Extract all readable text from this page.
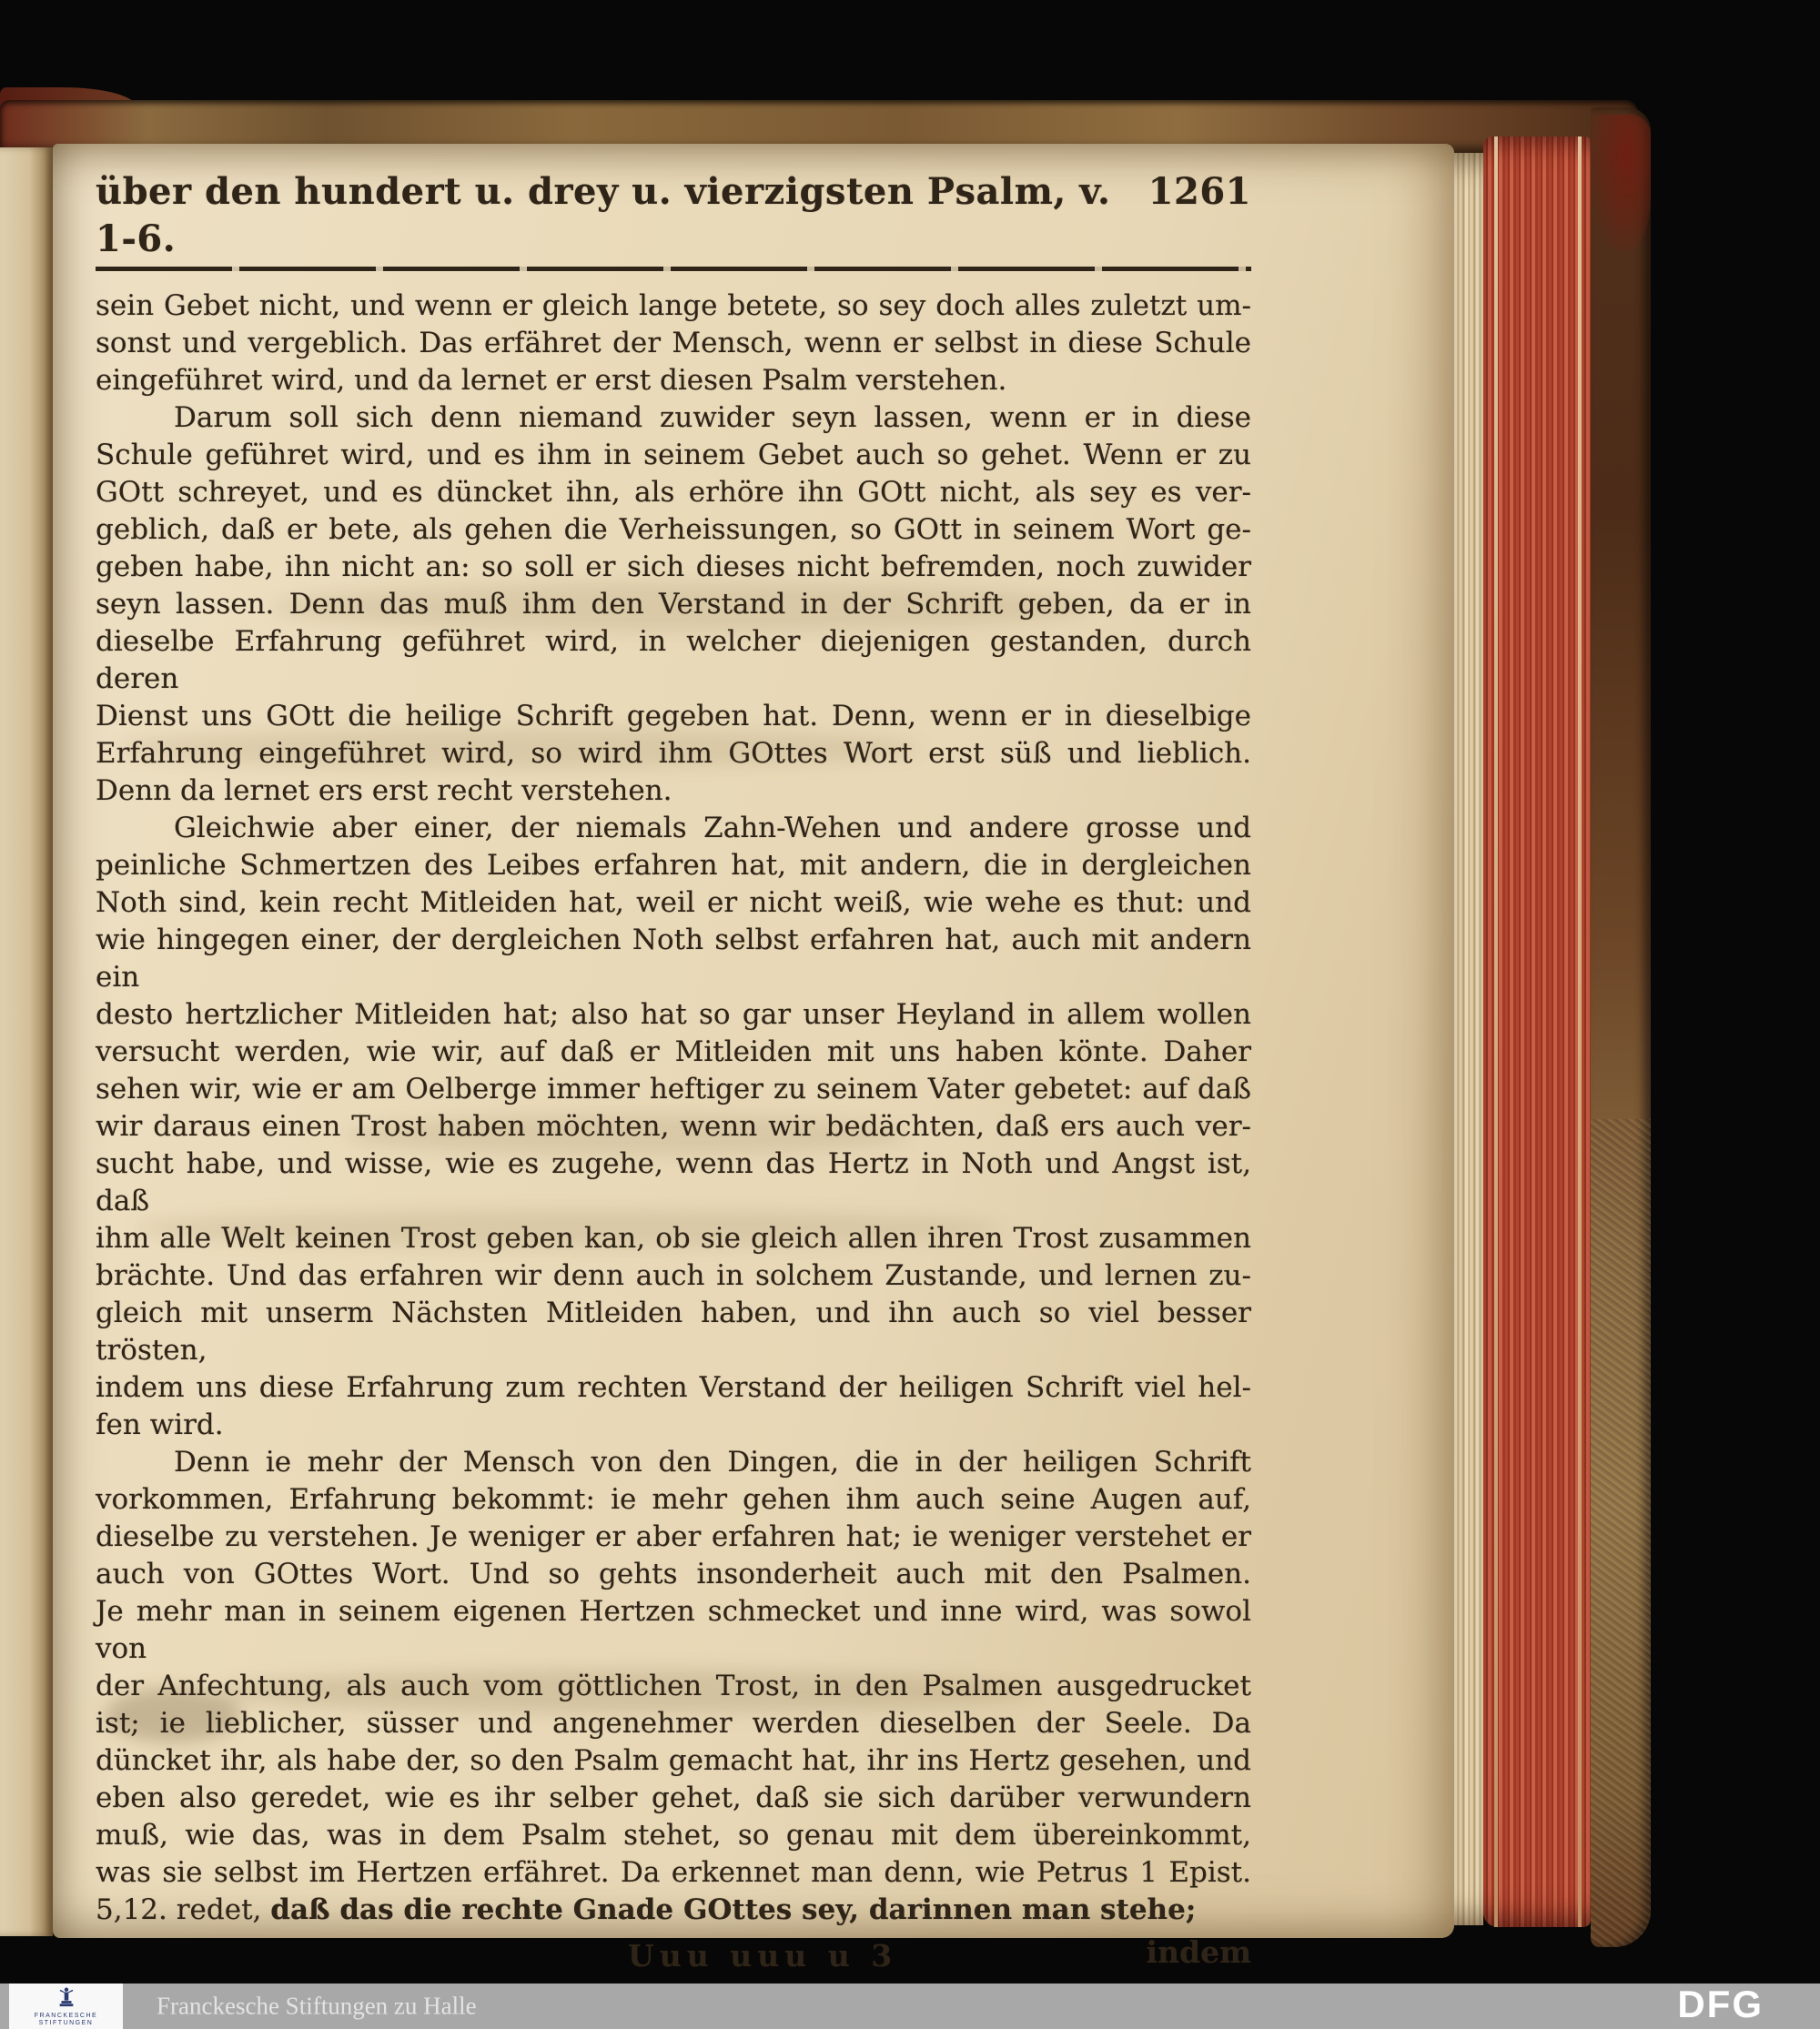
über den hundert u. drey u. vierzigsten Psalm, v. 1-6.
1261
sein Gebet nicht, und wenn er gleich lange betete, so sey doch alles zuletzt um-
sonst und vergeblich. Das erfähret der Mensch, wenn er selbst in diese Schule
eingeführet wird, und da lernet er erst diesen Psalm verstehen.
Darum soll sich denn niemand zuwider seyn lassen, wenn er in diese
Schule geführet wird, und es ihm in seinem Gebet auch so gehet. Wenn er zu
GOtt schreyet, und es düncket ihn, als erhöre ihn GOtt nicht, als sey es ver-
geblich, daß er bete, als gehen die Verheissungen, so GOtt in seinem Wort ge-
geben habe, ihn nicht an: so soll er sich dieses nicht befremden, noch zuwider
seyn lassen. Denn das muß ihm den Verstand in der Schrift geben, da er in
dieselbe Erfahrung geführet wird, in welcher diejenigen gestanden, durch deren
Dienst uns GOtt die heilige Schrift gegeben hat. Denn, wenn er in dieselbige
Erfahrung eingeführet wird, so wird ihm GOttes Wort erst süß und lieblich.
Denn da lernet ers erst recht verstehen.
Gleichwie aber einer, der niemals Zahn-Wehen und andere grosse und
peinliche Schmertzen des Leibes erfahren hat, mit andern, die in dergleichen
Noth sind, kein recht Mitleiden hat, weil er nicht weiß, wie wehe es thut: und
wie hingegen einer, der dergleichen Noth selbst erfahren hat, auch mit andern ein
desto hertzlicher Mitleiden hat; also hat so gar unser Heyland in allem wollen
versucht werden, wie wir, auf daß er Mitleiden mit uns haben könte. Daher
sehen wir, wie er am Oelberge immer heftiger zu seinem Vater gebetet: auf daß
wir daraus einen Trost haben möchten, wenn wir bedächten, daß ers auch ver-
sucht habe, und wisse, wie es zugehe, wenn das Hertz in Noth und Angst ist, daß
ihm alle Welt keinen Trost geben kan, ob sie gleich allen ihren Trost zusammen
brächte. Und das erfahren wir denn auch in solchem Zustande, und lernen zu-
gleich mit unserm Nächsten Mitleiden haben, und ihn auch so viel besser trösten,
indem uns diese Erfahrung zum rechten Verstand der heiligen Schrift viel hel-
fen wird.
Denn ie mehr der Mensch von den Dingen, die in der heiligen Schrift
vorkommen, Erfahrung bekommt: ie mehr gehen ihm auch seine Augen auf,
dieselbe zu verstehen. Je weniger er aber erfahren hat; ie weniger verstehet er
auch von GOttes Wort. Und so gehts insonderheit auch mit den Psalmen.
Je mehr man in seinem eigenen Hertzen schmecket und inne wird, was sowol von
der Anfechtung, als auch vom göttlichen Trost, in den Psalmen ausgedrucket
ist; ie lieblicher, süsser und angenehmer werden dieselben der Seele. Da
düncket ihr, als habe der, so den Psalm gemacht hat, ihr ins Hertz gesehen, und
eben also geredet, wie es ihr selber gehet, daß sie sich darüber verwundern
muß, wie das, was in dem Psalm stehet, so genau mit dem übereinkommt,
was sie selbst im Hertzen erfähret. Da erkennet man denn, wie Petrus 1 Epist.
5,12. redet, daß das die rechte Gnade GOttes sey, darinnen man stehe;
Uuu uuu u 3	indem
FRANCKESCHE
STIFTUNGEN
Franckesche Stiftungen zu Halle	DFG
